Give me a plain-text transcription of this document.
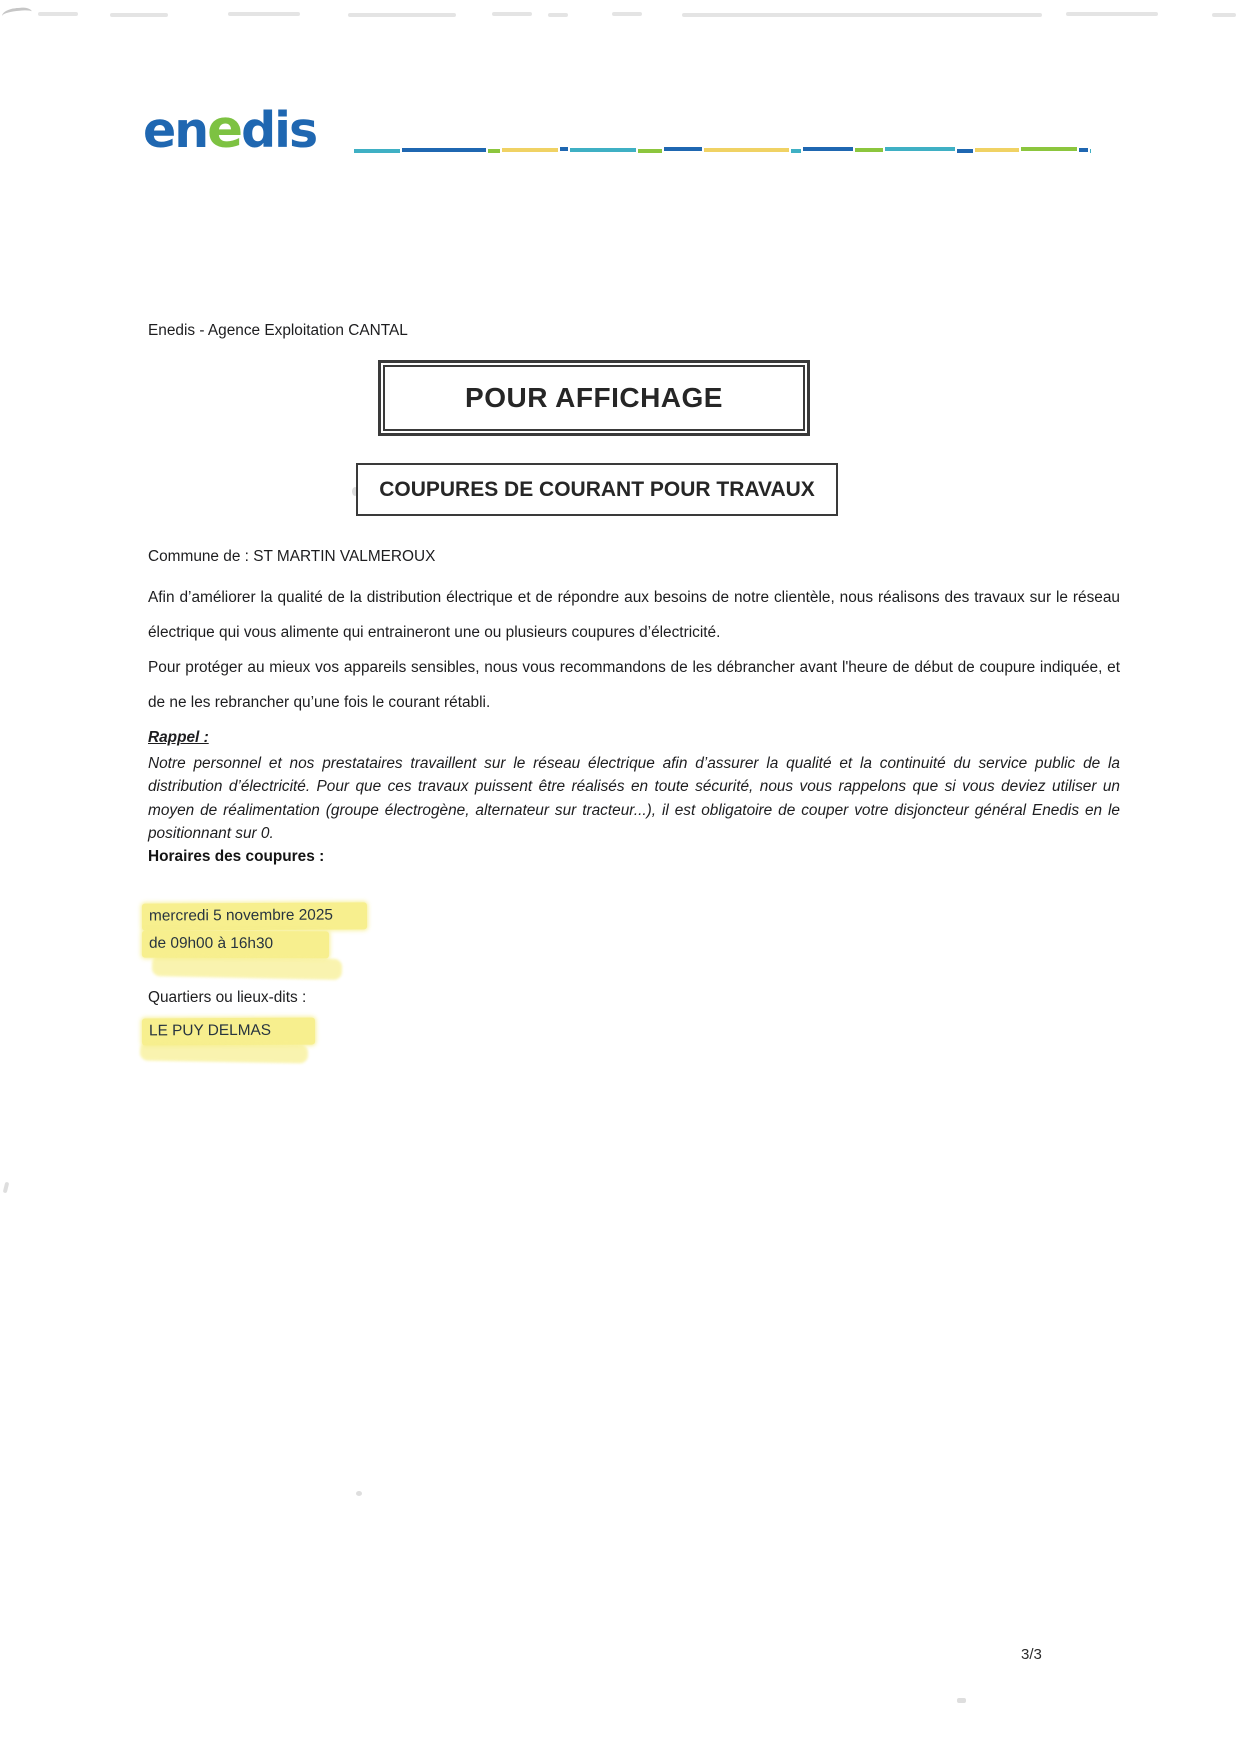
enedis
Enedis - Agence Exploitation CANTAL
POUR AFFICHAGE
COUPURES DE COURANT POUR TRAVAUX
Commune de : ST MARTIN VALMEROUX

Afin d’améliorer la qualité de la distribution électrique et de répondre aux besoins de notre clientèle, nous réalisons des travaux sur le réseau électrique qui vous alimente qui entraineront une ou plusieurs coupures d’électricité.

Pour protéger au mieux vos appareils sensibles, nous vous recommandons de les débrancher avant l'heure de début de coupure indiquée, et de ne les rebrancher qu’une fois le courant rétabli.

Rappel :

Notre personnel et nos prestataires travaillent sur le réseau électrique afin d’assurer la qualité et la continuité du service public de la distribution d’électricité. Pour que ces travaux puissent être réalisés en toute sécurité, nous vous rappelons que si vous deviez utiliser un moyen de réalimentation (groupe électrogène, alternateur sur tracteur...), il est obligatoire de couper votre disjoncteur général Enedis en le positionnant sur 0.

Horaires des coupures :
mercredi 5 novembre 2025
de 09h00 à 16h30
Quartiers ou lieux-dits :
LE PUY DELMAS
3/3
